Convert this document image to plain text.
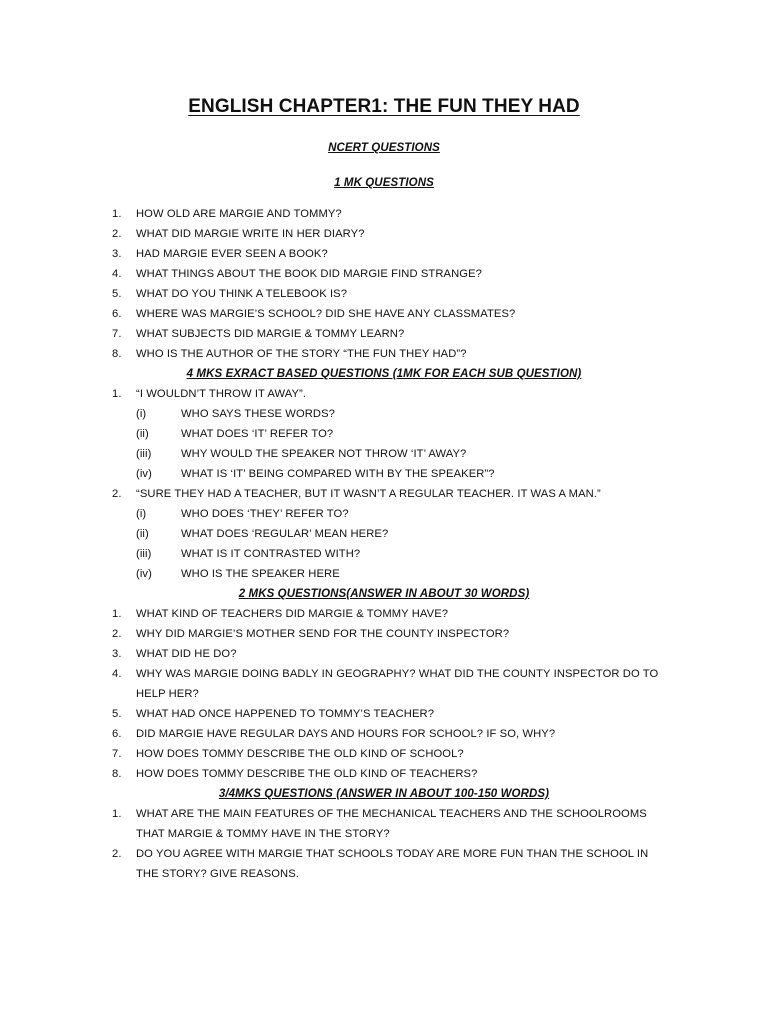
ENGLISH CHAPTER1: THE FUN THEY HAD
NCERT QUESTIONS
1 MK QUESTIONS
1. HOW OLD ARE MARGIE AND TOMMY?
2. WHAT DID MARGIE WRITE IN HER DIARY?
3. HAD MARGIE EVER SEEN A BOOK?
4. WHAT THINGS ABOUT THE BOOK DID MARGIE FIND STRANGE?
5. WHAT DO YOU THINK A TELEBOOK IS?
6. WHERE WAS MARGIE’S SCHOOL? DID SHE HAVE ANY CLASSMATES?
7. WHAT SUBJECTS DID MARGIE & TOMMY LEARN?
8. WHO IS THE AUTHOR OF THE STORY “THE FUN THEY HAD”?
4 MKS EXRACT BASED QUESTIONS (1MK FOR EACH SUB QUESTION)
1. “I WOULDN’T THROW IT AWAY”.
(i)	WHO SAYS THESE WORDS?
(ii)	WHAT DOES ‘IT’ REFER TO?
(iii)	WHY WOULD THE SPEAKER NOT THROW ‘IT’ AWAY?
(iv)	WHAT IS ‘IT’ BEING COMPARED WITH BY THE SPEAKER”?
2. “SURE THEY HAD A TEACHER, BUT IT WASN’T A REGULAR TEACHER. IT WAS A MAN.”
(i)	WHO DOES ‘THEY’ REFER TO?
(ii)	WHAT DOES ‘REGULAR’ MEAN HERE?
(iii)	WHAT IS IT CONTRASTED WITH?
(iv)	WHO IS THE SPEAKER HERE
2 MKS QUESTIONS(ANSWER IN ABOUT 30 WORDS)
1. WHAT KIND OF TEACHERS DID MARGIE & TOMMY HAVE?
2. WHY DID MARGIE’S MOTHER SEND FOR THE COUNTY INSPECTOR?
3. WHAT DID HE DO?
4. WHY WAS MARGIE DOING BADLY IN GEOGRAPHY? WHAT DID THE COUNTY INSPECTOR DO TO HELP HER?
5. WHAT HAD ONCE HAPPENED TO TOMMY’S TEACHER?
6. DID MARGIE HAVE REGULAR DAYS AND HOURS FOR SCHOOL? IF SO, WHY?
7. HOW DOES TOMMY DESCRIBE THE OLD KIND OF SCHOOL?
8. HOW DOES TOMMY DESCRIBE THE OLD KIND OF TEACHERS?
3/4MKS QUESTIONS (ANSWER IN ABOUT 100-150 WORDS)
1. WHAT ARE THE MAIN FEATURES OF THE MECHANICAL TEACHERS AND THE SCHOOLROOMS THAT MARGIE & TOMMY HAVE IN THE STORY?
2. DO YOU AGREE WITH MARGIE THAT SCHOOLS TODAY ARE MORE FUN THAN THE SCHOOL IN THE STORY? GIVE REASONS.
